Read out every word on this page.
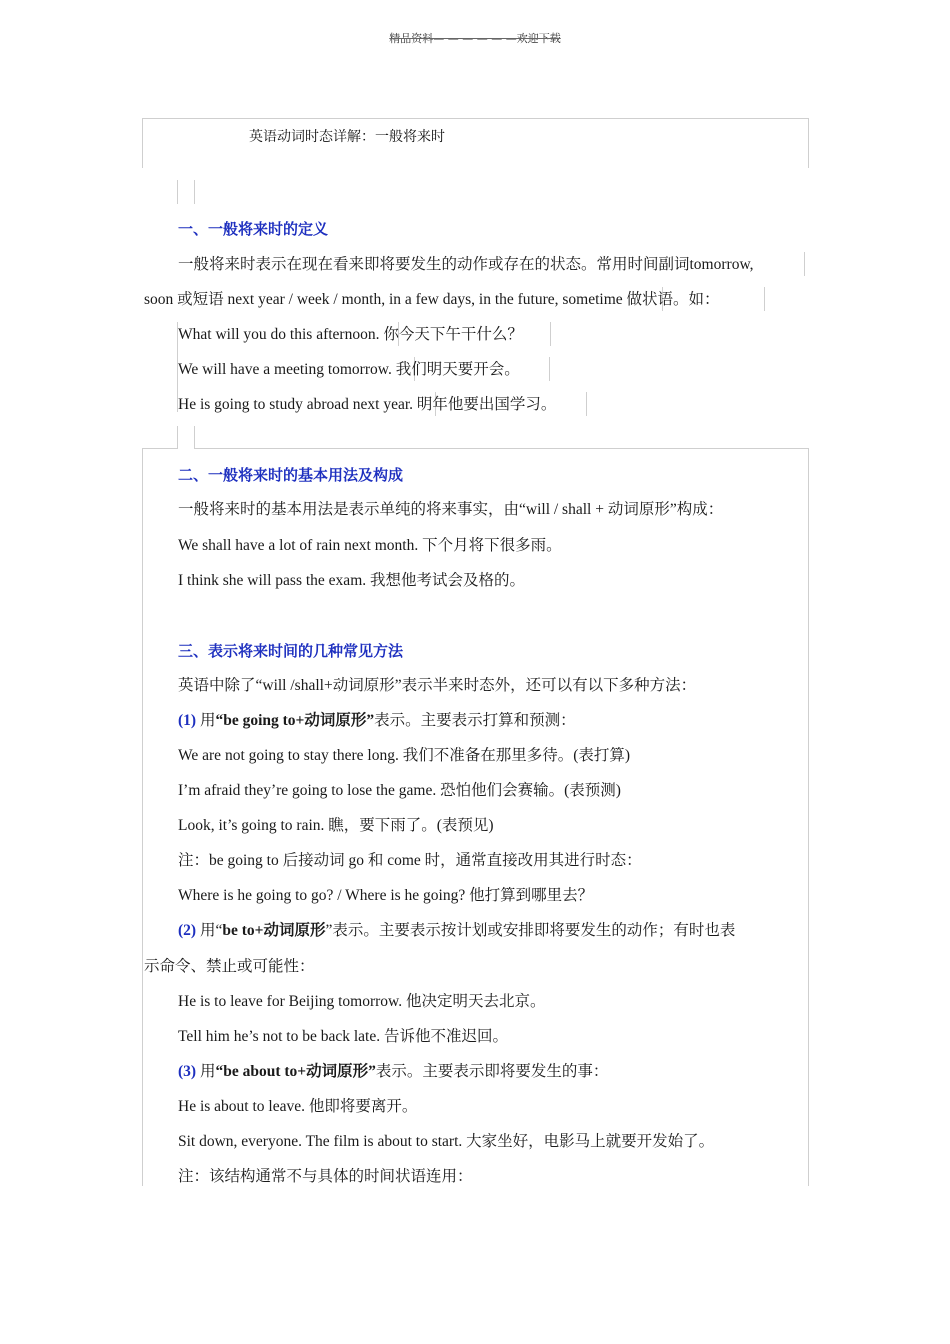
精品资料— — — — — —欢迎下载
英语动词时态详解：一般将来时
一、一般将来时的定义
一般将来时表示在现在看来即将要发生的动作或存在的状态。常用时间副词tomorrow,
soon 或短语 next year / week / month, in a few days, in the future, sometime 做状语。如：
What will you do this afternoon. 你今天下午干什么？
We will have a meeting tomorrow. 我们明天要开会。
He is going to study abroad next year. 明年他要出国学习。
二、一般将来时的基本用法及构成
一般将来时的基本用法是表示单纯的将来事实，由“will / shall + 动词原形”构成：
We shall have a lot of rain next month. 下个月将下很多雨。
I think she will pass the exam. 我想他考试会及格的。
三、表示将来时间的几种常见方法
英语中除了“will /shall+动词原形”表示半来时态外，还可以有以下多种方法：
(1) 用“be going to+动词原形”表示。主要表示打算和预测：
We are not going to stay there long. 我们不准备在那里多待。(表打算)
I’m afraid they’re going to lose the game. 恐怕他们会赛输。(表预测)
Look, it’s going to rain. 瞧，要下雨了。(表预见)
注：be going to 后接动词 go 和 come 时，通常直接改用其进行时态：
Where is he going to go? / Where is he going? 他打算到哪里去？
(2) 用“be to+动词原形”表示。主要表示按计划或安排即将要发生的动作；有时也表
示命令、禁止或可能性：
He is to leave for Beijing tomorrow. 他决定明天去北京。
Tell him he’s not to be back late. 告诉他不准迟回。
(3) 用“be about to+动词原形”表示。主要表示即将要发生的事：
He is about to leave. 他即将要离开。
Sit down, everyone. The film is about to start. 大家坐好，电影马上就要开发始了。
注：该结构通常不与具体的时间状语连用：
